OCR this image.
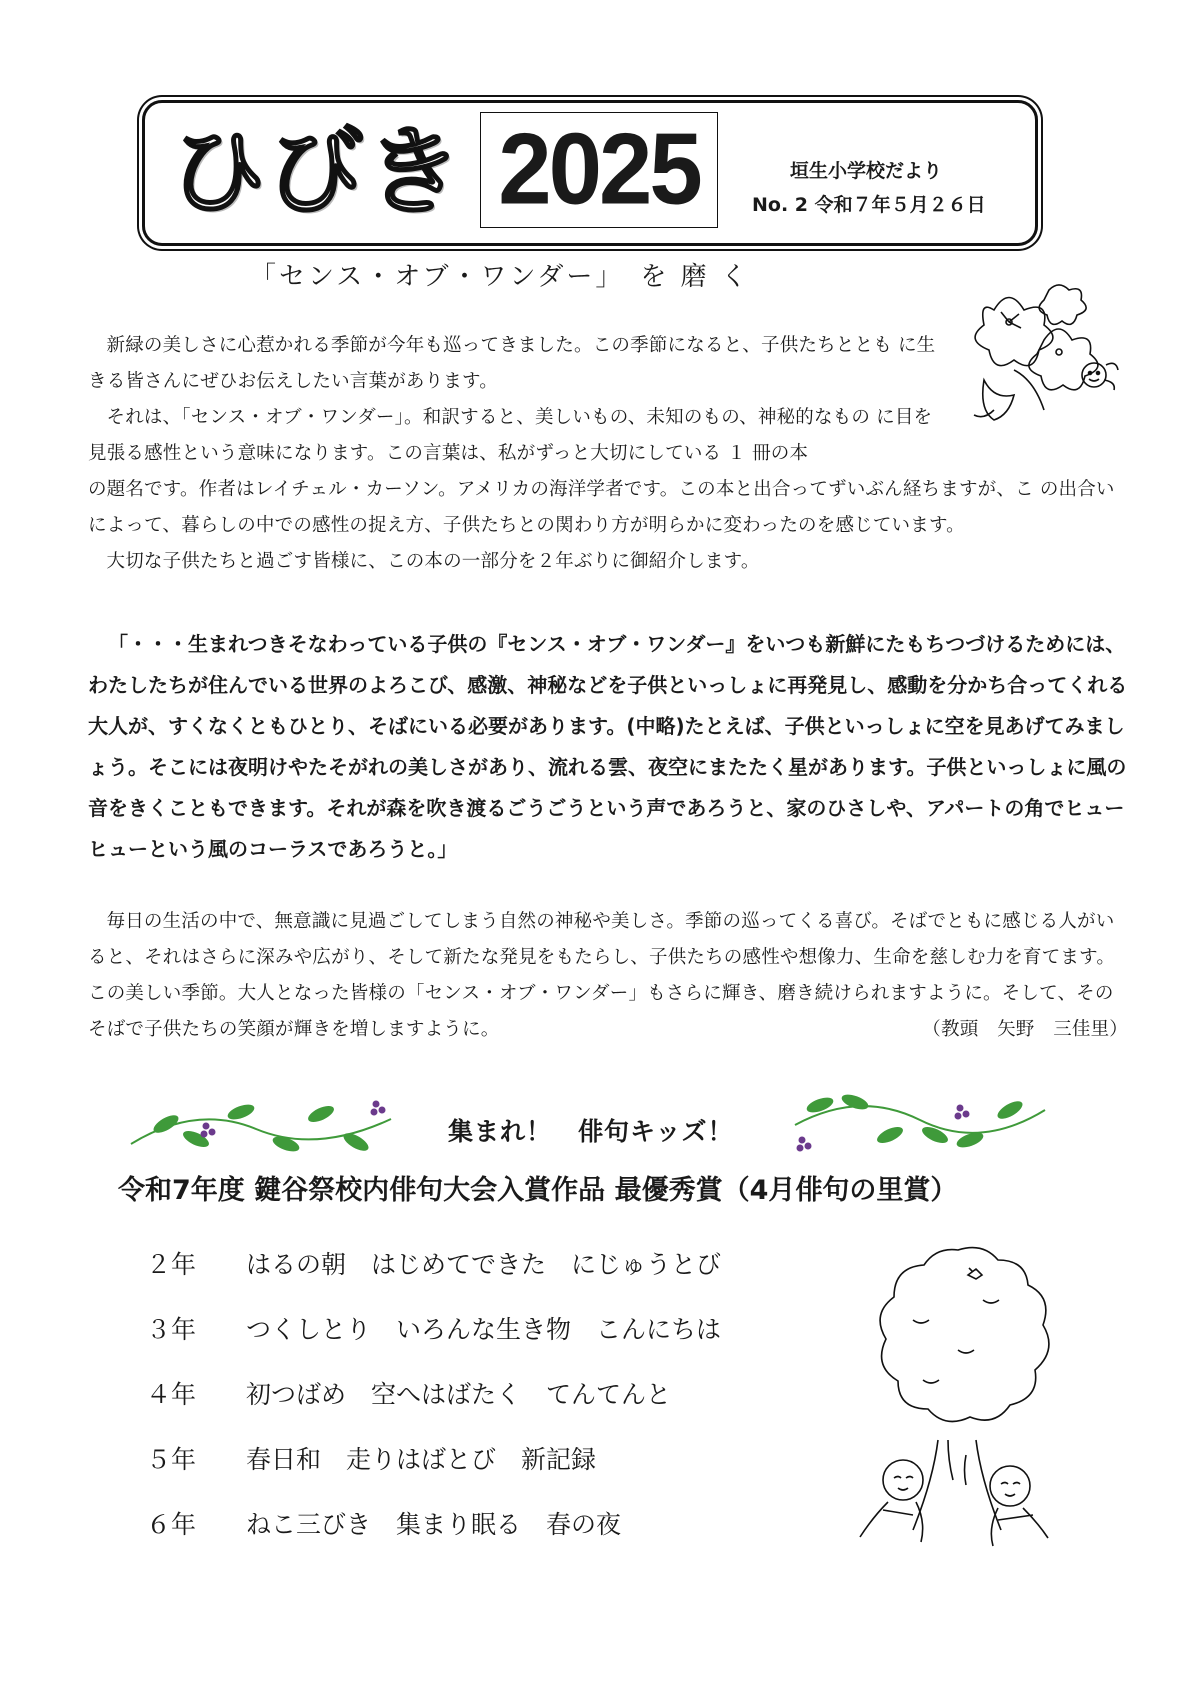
ひびき 2025	垣生小学校だより
No. 2 令和７年５月２６日
「センス・オブ・ワンダー」　を 磨 く

新緑の美しさに心惹かれる季節が今年も巡ってきました。この季節になると、子供たちととも に生きる皆さんにぜひお伝えしたい言葉があります。

それは、「センス・オブ・ワンダー」。和訳すると、美しいもの、未知のもの、神秘的なもの に目を見張る感性という意味になります。この言葉は、私がずっと大切にしている １ 冊の本

の題名です。作者はレイチェル・カーソン。アメリカの海洋学者です。この本と出合ってずいぶん経ちますが、こ の出合いによって、暮らしの中での感性の捉え方、子供たちとの関わり方が明らかに変わったのを感じています。

大切な子供たちと過ごす皆様に、この本の一部分を２年ぶりに御紹介します。

「・・・生まれつきそなわっている子供の『センス・オブ・ワンダー』をいつも新鮮にたもちつづけるためには、わたしたちが住んでいる世界のよろこび、感激、神秘などを子供といっしょに再発見し、感動を分かち合ってくれる大人が、すくなくともひとり、そばにいる必要があります。(中略)たとえば、子供といっしょに空を見あげてみましょう。そこには夜明けやたそがれの美しさがあり、流れる雲、夜空にまたたく星があります。子供といっしょに風の音をきくこともできます。それが森を吹き渡るごうごうという声であろうと、家のひさしや、アパートの角でヒューヒューという風のコーラスであろうと。」

毎日の生活の中で、無意識に見過ごしてしまう自然の神秘や美しさ。季節の巡ってくる喜び。そばでともに感じる人がいると、それはさらに深みや広がり、そして新たな発見をもたらし、子供たちの感性や想像力、生命を慈しむ力を育てます。この美しい季節。大人となった皆様の「センス・オブ・ワンダー」もさらに輝き、磨き続けられますように。そして、そのそばで子供たちの笑顔が輝きを増しますように。	（教頭　矢野　三佳里）
集まれ！　俳句キッズ！
令和7年度 鍵谷祭校内俳句大会入賞作品 最優秀賞（4月俳句の里賞）
２年	はるの朝　はじめてできた　にじゅうとび
３年	つくしとり　いろんな生き物　こんにちは
４年	初つばめ　空へはばたく　てんてんと
５年	春日和　走りはばとび　新記録
６年	ねこ三びき　集まり眠る　春の夜
